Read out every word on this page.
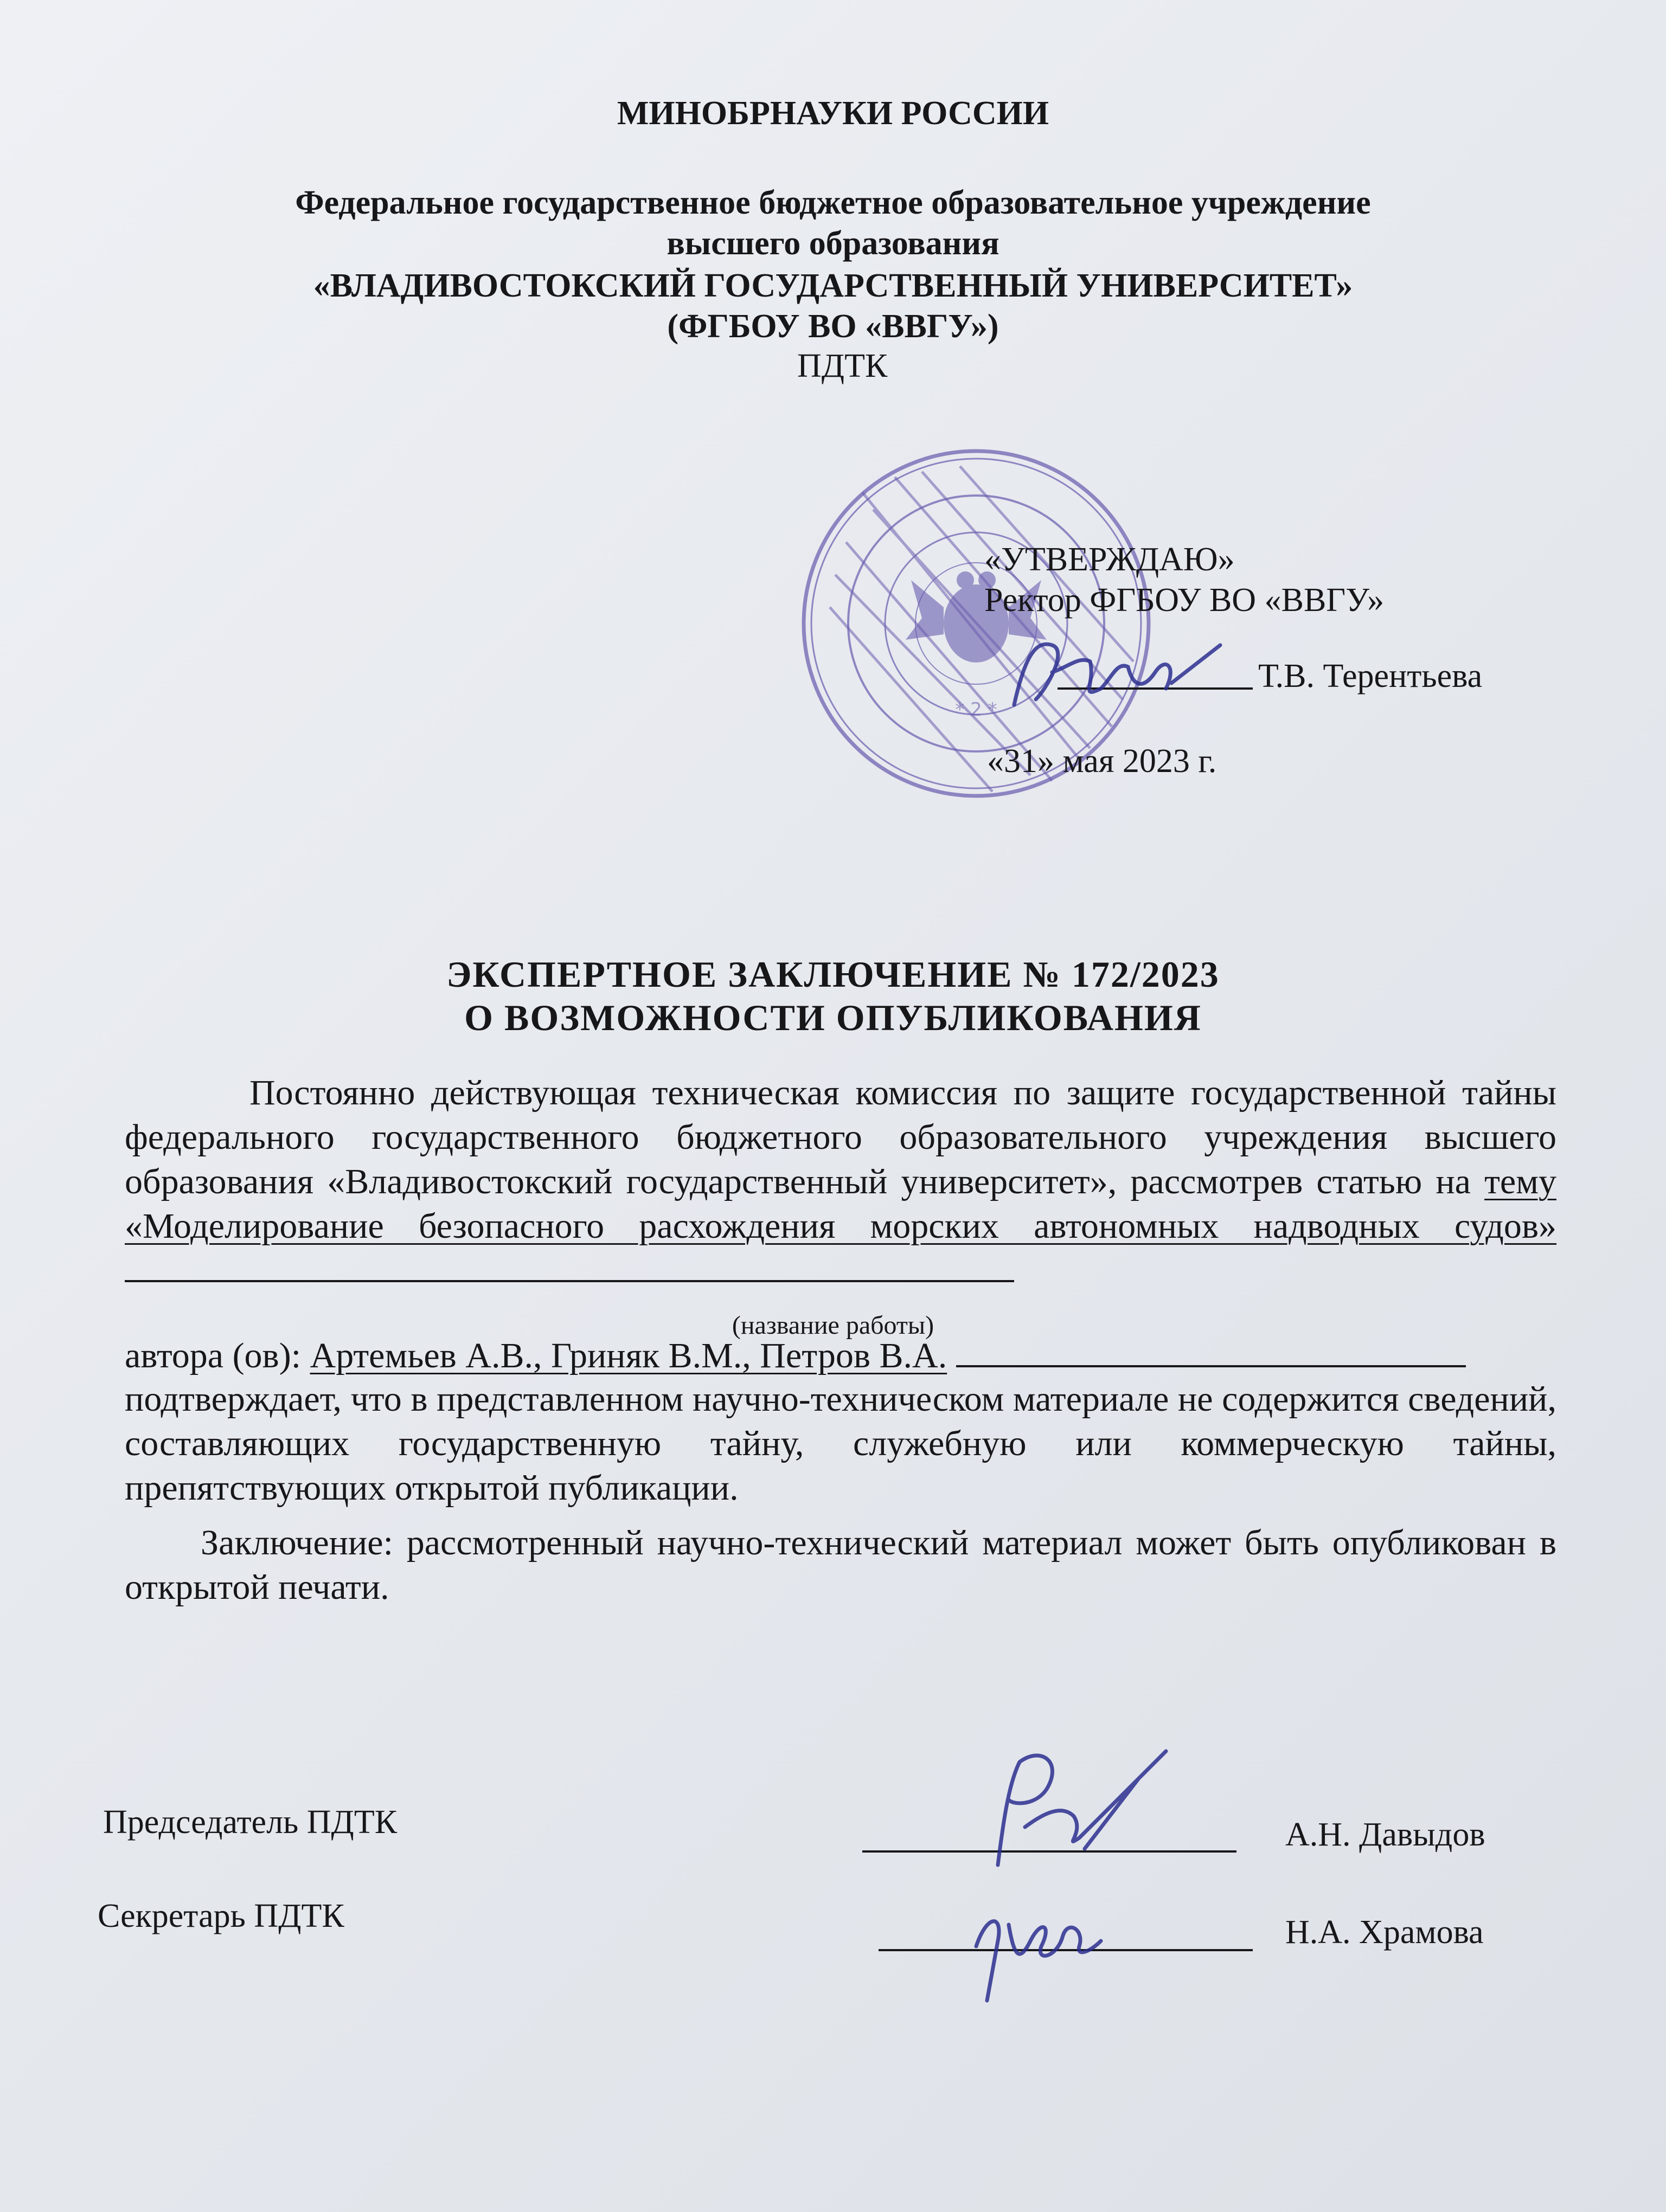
МИНОБРНАУКИ РОССИИ

Федеральное государственное бюджетное образовательное учреждение

высшего образования

«ВЛАДИВОСТОКСКИЙ ГОСУДАРСТВЕННЫЙ УНИВЕРСИТЕТ»

(ФГБОУ ВО «ВВГУ»)

ПДТК

* 2 *

«УТВЕРЖДАЮ»

Ректор ФГБОУ ВО «ВВГУ»

Т.В. Терентьева

«31» мая 2023 г.

ЭКСПЕРТНОЕ ЗАКЛЮЧЕНИЕ № 172/2023

О ВОЗМОЖНОСТИ ОПУБЛИКОВАНИЯ

Постоянно действующая техническая комиссия по защите государственной тайны федерального государственного бюджетного образовательного учреждения высшего образования «Владивостокский государственный университет», рассмотрев статью на тему «Моделирование безопасного расхождения морских автономных надводных судов»

(название работы)

автора (ов): Артемьев А.В., Гриняк В.М., Петров В.А.

подтверждает, что в представленном научно-техническом материале не содержится сведений, составляющих государственную тайну, служебную или коммерческую тайны, препятствующих открытой публикации.

Заключение: рассмотренный научно-технический материал может быть опубликован в открытой печати.

Председатель ПДТК	А.Н. Давыдов

Секретарь ПДТК	Н.А. Храмова
